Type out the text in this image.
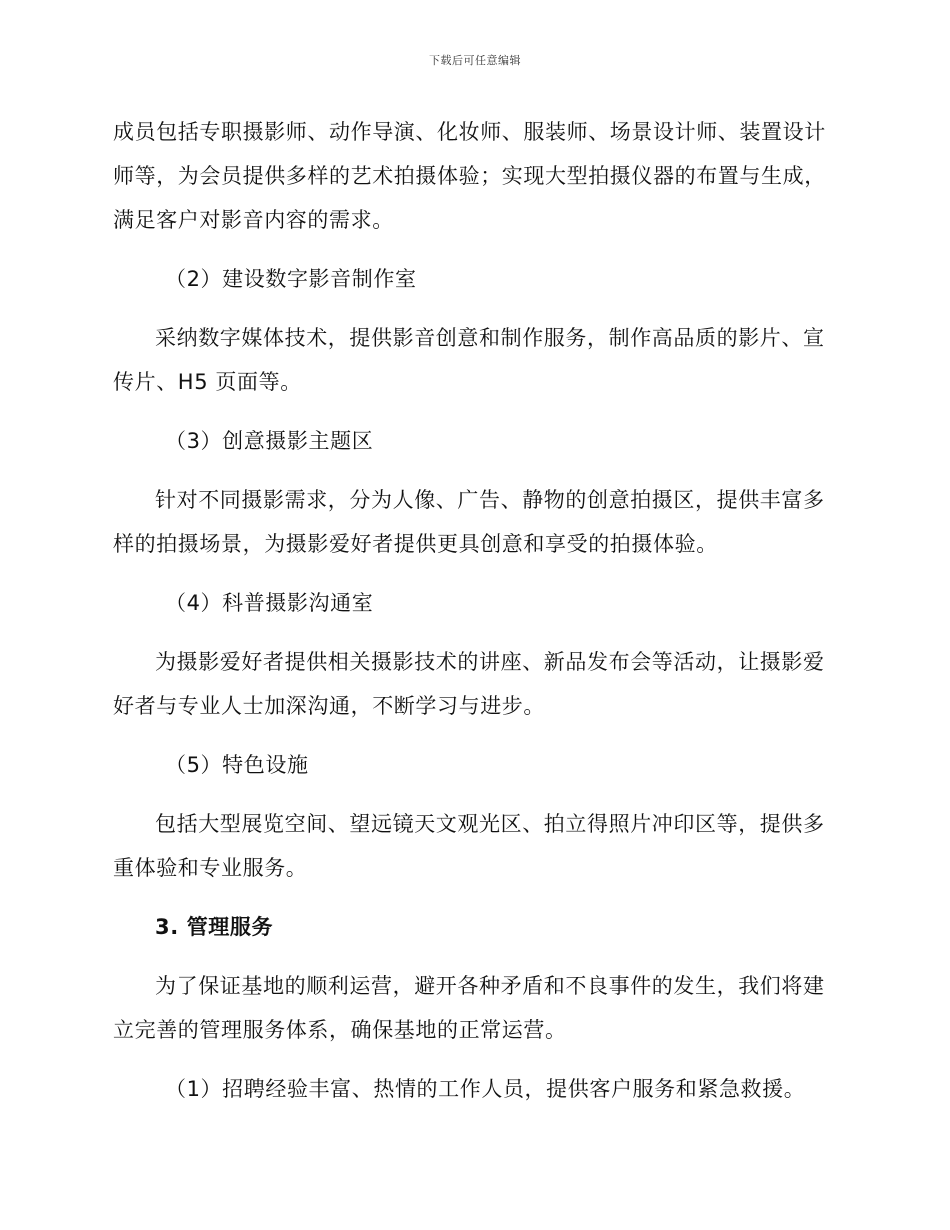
下载后可任意编辑

成员包括专职摄影师、动作导演、化妆师、服装师、场景设计师、装置设计师等，为会员提供多样的艺术拍摄体验；实现大型拍摄仪器的布置与生成，满足客户对影音内容的需求。

（2）建设数字影音制作室

采纳数字媒体技术，提供影音创意和制作服务，制作高品质的影片、宣传片、H5 页面等。

（3）创意摄影主题区

针对不同摄影需求，分为人像、广告、静物的创意拍摄区，提供丰富多样的拍摄场景，为摄影爱好者提供更具创意和享受的拍摄体验。

（4）科普摄影沟通室

为摄影爱好者提供相关摄影技术的讲座、新品发布会等活动，让摄影爱好者与专业人士加深沟通，不断学习与进步。

（5）特色设施

包括大型展览空间、望远镜天文观光区、拍立得照片冲印区等，提供多重体验和专业服务。

3. 管理服务

为了保证基地的顺利运营，避开各种矛盾和不良事件的发生，我们将建立完善的管理服务体系，确保基地的正常运营。

（1）招聘经验丰富、热情的工作人员，提供客户服务和紧急救援。
